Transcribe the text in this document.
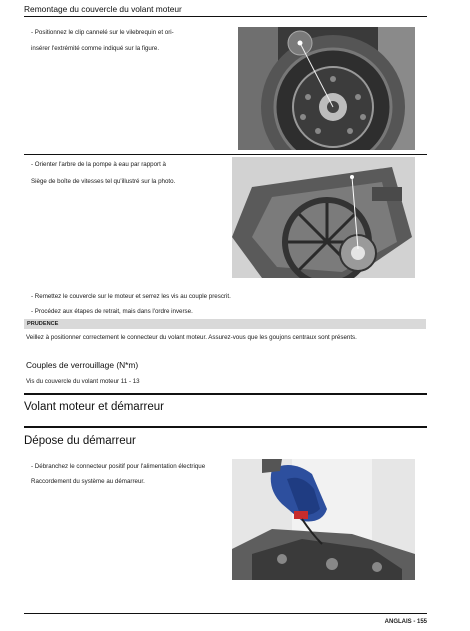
Remontage du couvercle du volant moteur
- Positionnez le clip cannelé sur le vilebrequin et ori-
insérer l'extrémité comme indiqué sur la figure.
- Orienter l'arbre de la pompe à eau par rapport à
Siège de boîte de vitesses tel qu'illustré sur la photo.
- Remettez le couvercle sur le moteur et serrez les vis au couple prescrit.
- Procédez aux étapes de retrait, mais dans l'ordre inverse.
PRUDENCE
Veillez à positionner correctement le connecteur du volant moteur. Assurez-vous que les goujons centraux sont présents.
Couples de verrouillage (N*m)
Vis du couvercle du volant moteur 11 - 13
Volant moteur et démarreur
Dépose du démarreur
- Débranchez le connecteur positif pour l'alimentation électrique
Raccordement du système au démarreur.
ANGLAIS - 155
